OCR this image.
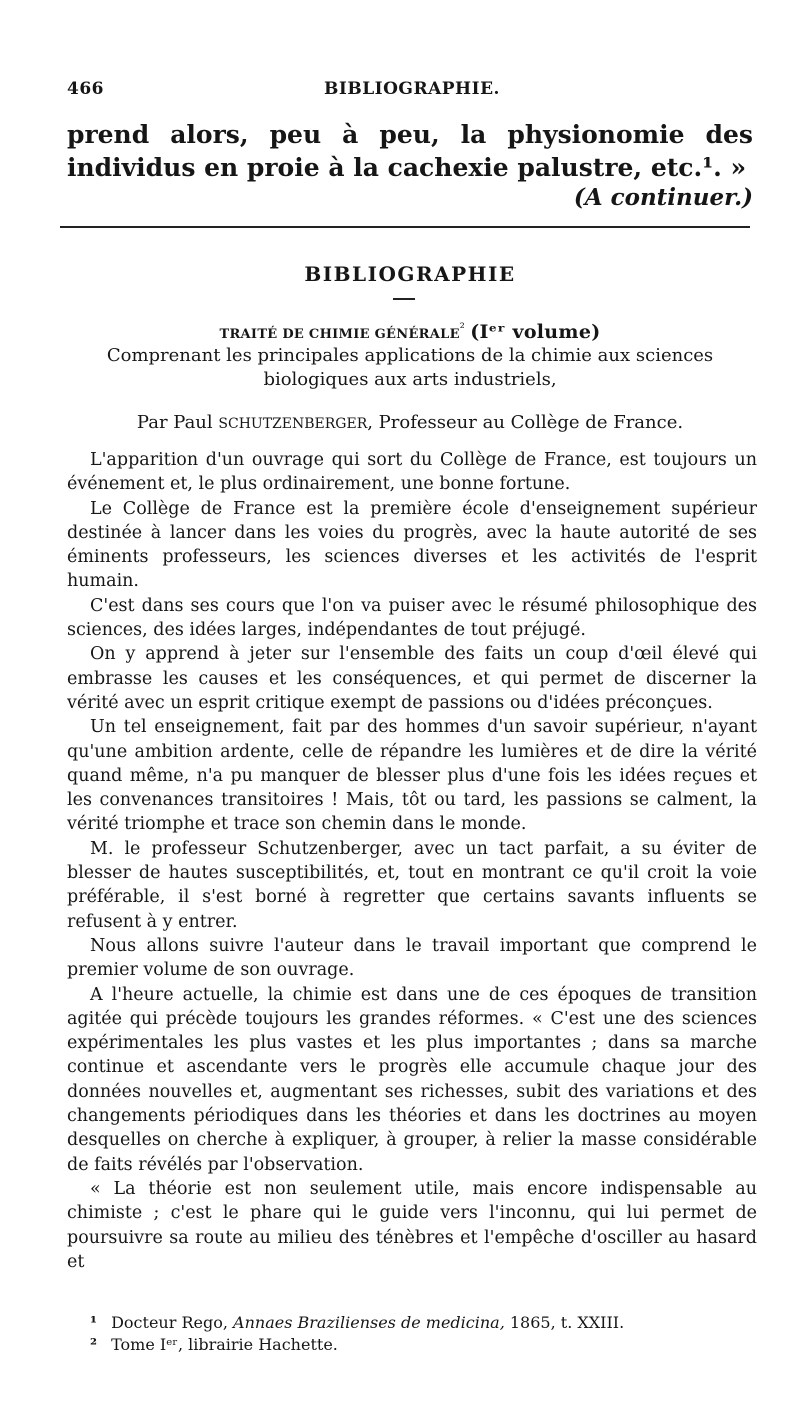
466	BIBLIOGRAPHIE.
prend alors, peu à peu, la physionomie des individus en proie à la cachexie palustre, etc.¹. »
(A continuer.)
BIBLIOGRAPHIE
TRAITÉ DE CHIMIE $GÉNÉRALE^{^2}$ (Iᵉʳ volume)
Comprenant les principales applications de la chimie aux sciences biologiques aux arts industriels,
Par Paul SCHUTZENBERGER, Professeur au Collège de France.

L'apparition d'un ouvrage qui sort du Collège de France, est toujours un événement et, le plus ordinairement, une bonne fortune.

Le Collège de France est la première école d'enseignement supérieur destinée à lancer dans les voies du progrès, avec la haute autorité de ses éminents professeurs, les sciences diverses et les activités de l'esprit humain.

C'est dans ses cours que l'on va puiser avec le résumé philosophique des sciences, des idées larges, indépendantes de tout préjugé.

On y apprend à jeter sur l'ensemble des faits un coup d'œil élevé qui embrasse les causes et les conséquences, et qui permet de discerner la vérité avec un esprit critique exempt de passions ou d'idées préconçues.

Un tel enseignement, fait par des hommes d'un savoir supérieur, n'ayant qu'une ambition ardente, celle de répandre les lumières et de dire la vérité quand même, n'a pu manquer de blesser plus d'une fois les idées reçues et les convenances transitoires ! Mais, tôt ou tard, les passions se calment, la vérité triomphe et trace son chemin dans le monde.

M. le professeur Schutzenberger, avec un tact parfait, a su éviter de blesser de hautes susceptibilités, et, tout en montrant ce qu'il croit la voie préférable, il s'est borné à regretter que certains savants influents se refusent à y entrer.

Nous allons suivre l'auteur dans le travail important que comprend le premier volume de son ouvrage.

A l'heure actuelle, la chimie est dans une de ces époques de transition agitée qui précède toujours les grandes réformes. « C'est une des sciences expérimentales les plus vastes et les plus importantes ; dans sa marche continue et ascendante vers le progrès elle accumule chaque jour des données nouvelles et, augmentant ses richesses, subit des variations et des changements périodiques dans les théories et dans les doctrines au moyen desquelles on cherche à expliquer, à grouper, à relier la masse considérable de faits révélés par l'observation.

« La théorie est non seulement utile, mais encore indispensable au chimiste ; c'est le phare qui le guide vers l'inconnu, qui lui permet de poursuivre sa route au milieu des ténèbres et l'empêche d'osciller au hasard et

¹ Docteur Rego, Annaes Brazilienses de medicina, 1865, t. XXIII.

² Tome Iᵉʳ, librairie Hachette.
